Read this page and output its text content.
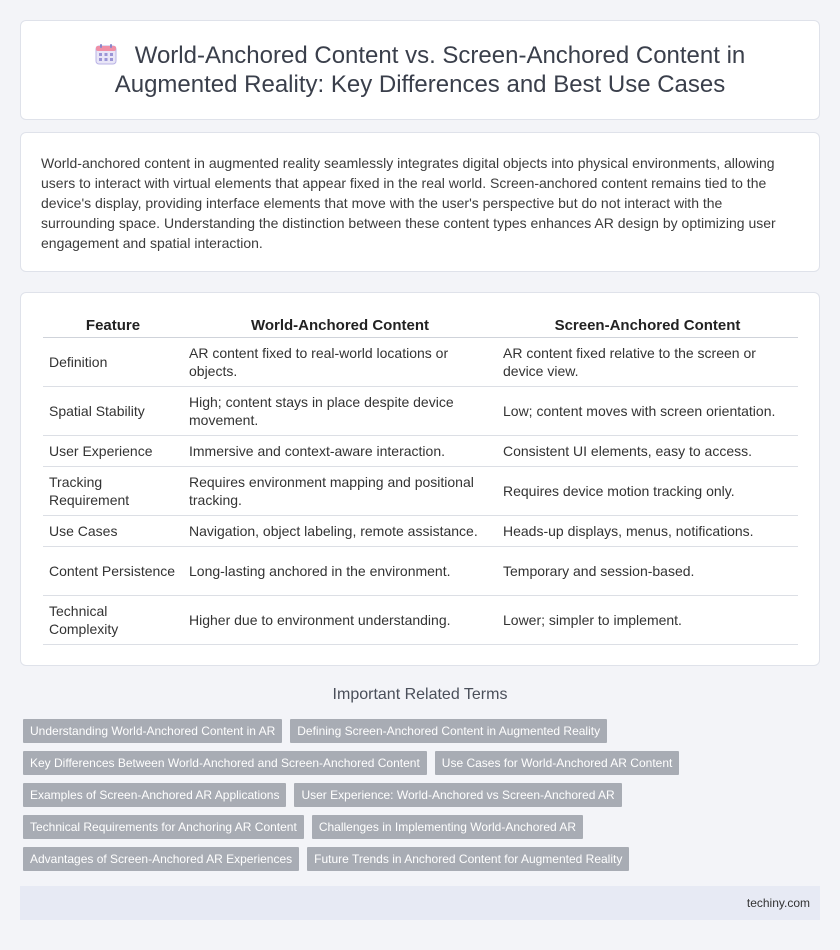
World-Anchored Content vs. Screen-Anchored Content in Augmented Reality: Key Differences and Best Use Cases

World-anchored content in augmented reality seamlessly integrates digital objects into physical environments, allowing users to interact with virtual elements that appear fixed in the real world. Screen-anchored content remains tied to the device's display, providing interface elements that move with the user's perspective but do not interact with the surrounding space. Understanding the distinction between these content types enhances AR design by optimizing user engagement and spatial interaction.

Feature	World-Anchored Content	Screen-Anchored Content
Definition	AR content fixed to real-world locations or objects.	AR content fixed relative to the screen or device view.
Spatial Stability	High; content stays in place despite device movement.	Low; content moves with screen orientation.
User Experience	Immersive and context-aware interaction.	Consistent UI elements, easy to access.
Tracking Requirement	Requires environment mapping and positional tracking.	Requires device motion tracking only.
Use Cases	Navigation, object labeling, remote assistance.	Heads-up displays, menus, notifications.
Content Persistence	Long-lasting anchored in the environment.	Temporary and session-based.
Technical Complexity	Higher due to environment understanding.	Lower; simpler to implement.
Important Related Terms
Understanding World-Anchored Content in AR	Defining Screen-Anchored Content in Augmented Reality
Key Differences Between World-Anchored and Screen-Anchored Content	Use Cases for World-Anchored AR Content
Examples of Screen-Anchored AR Applications	User Experience: World-Anchored vs Screen-Anchored AR
Technical Requirements for Anchoring AR Content	Challenges in Implementing World-Anchored AR
Advantages of Screen-Anchored AR Experiences	Future Trends in Anchored Content for Augmented Reality
techiny.com
